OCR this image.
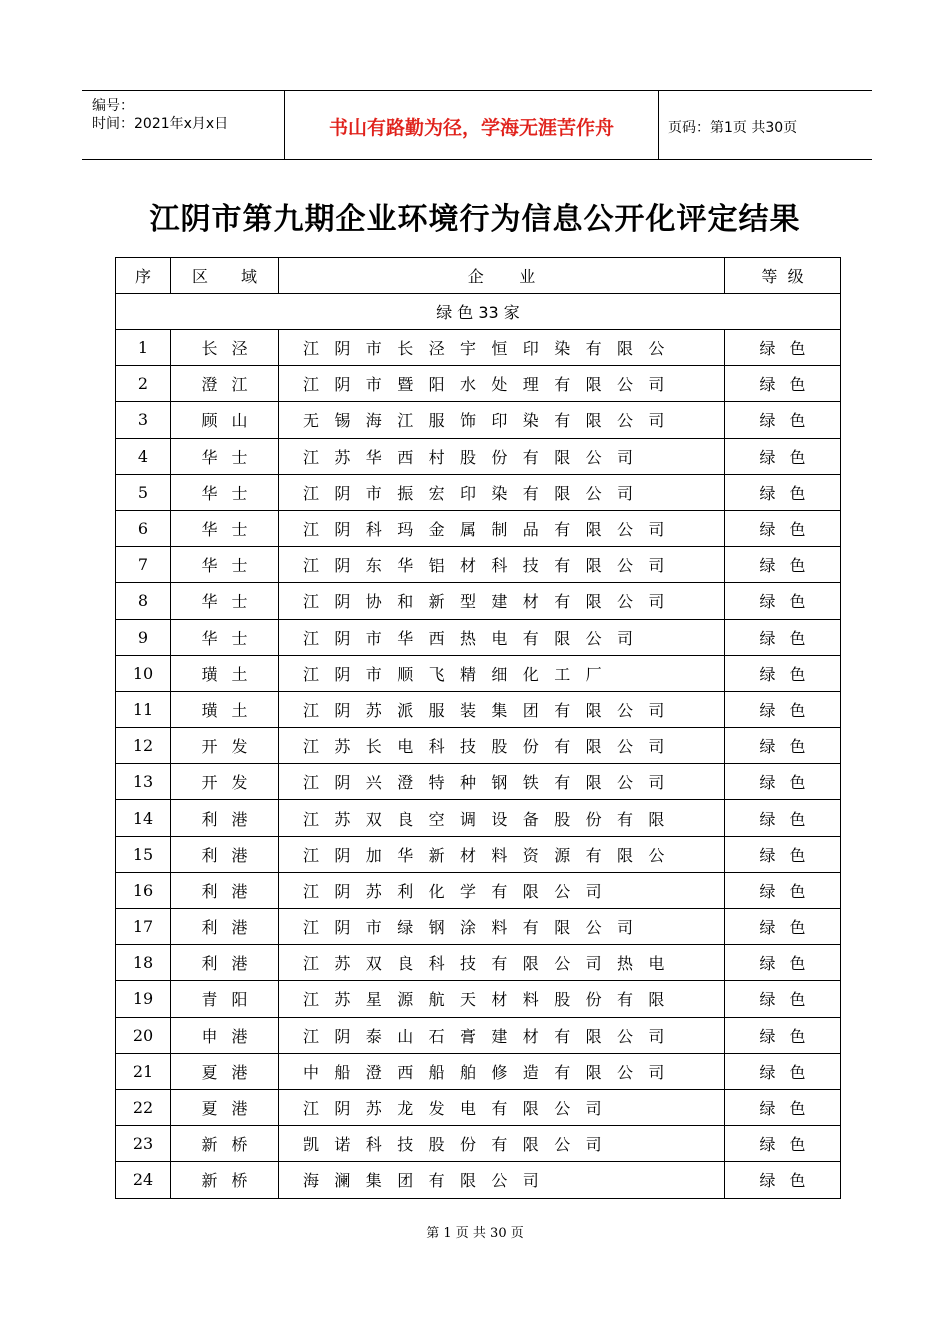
编号：
时间：2021年x月x日	书山有路勤为径，学海无涯苦作舟	页码：第1页 共30页
江阴市第九期企业环境行为信息公开化评定结果
序	区 域	企       业	等  级
绿 色 33 家			
1	长泾	江阴市长泾宇恒印染有限公	绿色
2	澄江	江阴市暨阳水处理有限公司	绿色
3	顾山	无锡海江服饰印染有限公司	绿色
4	华士	江苏华西村股份有限公司	绿色
5	华士	江阴市振宏印染有限公司	绿色
6	华士	江阴科玛金属制品有限公司	绿色
7	华士	江阴东华铝材科技有限公司	绿色
8	华士	江阴协和新型建材有限公司	绿色
9	华士	江阴市华西热电有限公司	绿色
10	璜土	江阴市顺飞精细化工厂	绿色
11	璜土	江阴苏派服装集团有限公司	绿色
12	开发	江苏长电科技股份有限公司	绿色
13	开发	江阴兴澄特种钢铁有限公司	绿色
14	利港	江苏双良空调设备股份有限	绿色
15	利港	江阴加华新材料资源有限公	绿色
16	利港	江阴苏利化学有限公司	绿色
17	利港	江阴市绿钢涂料有限公司	绿色
18	利港	江苏双良科技有限公司热电	绿色
19	青阳	江苏星源航天材料股份有限	绿色
20	申港	江阴泰山石膏建材有限公司	绿色
21	夏港	中船澄西船舶修造有限公司	绿色
22	夏港	江阴苏龙发电有限公司	绿色
23	新桥	凯诺科技股份有限公司	绿色
24	新桥	海澜集团有限公司	绿色
第 1 页 共 30 页
